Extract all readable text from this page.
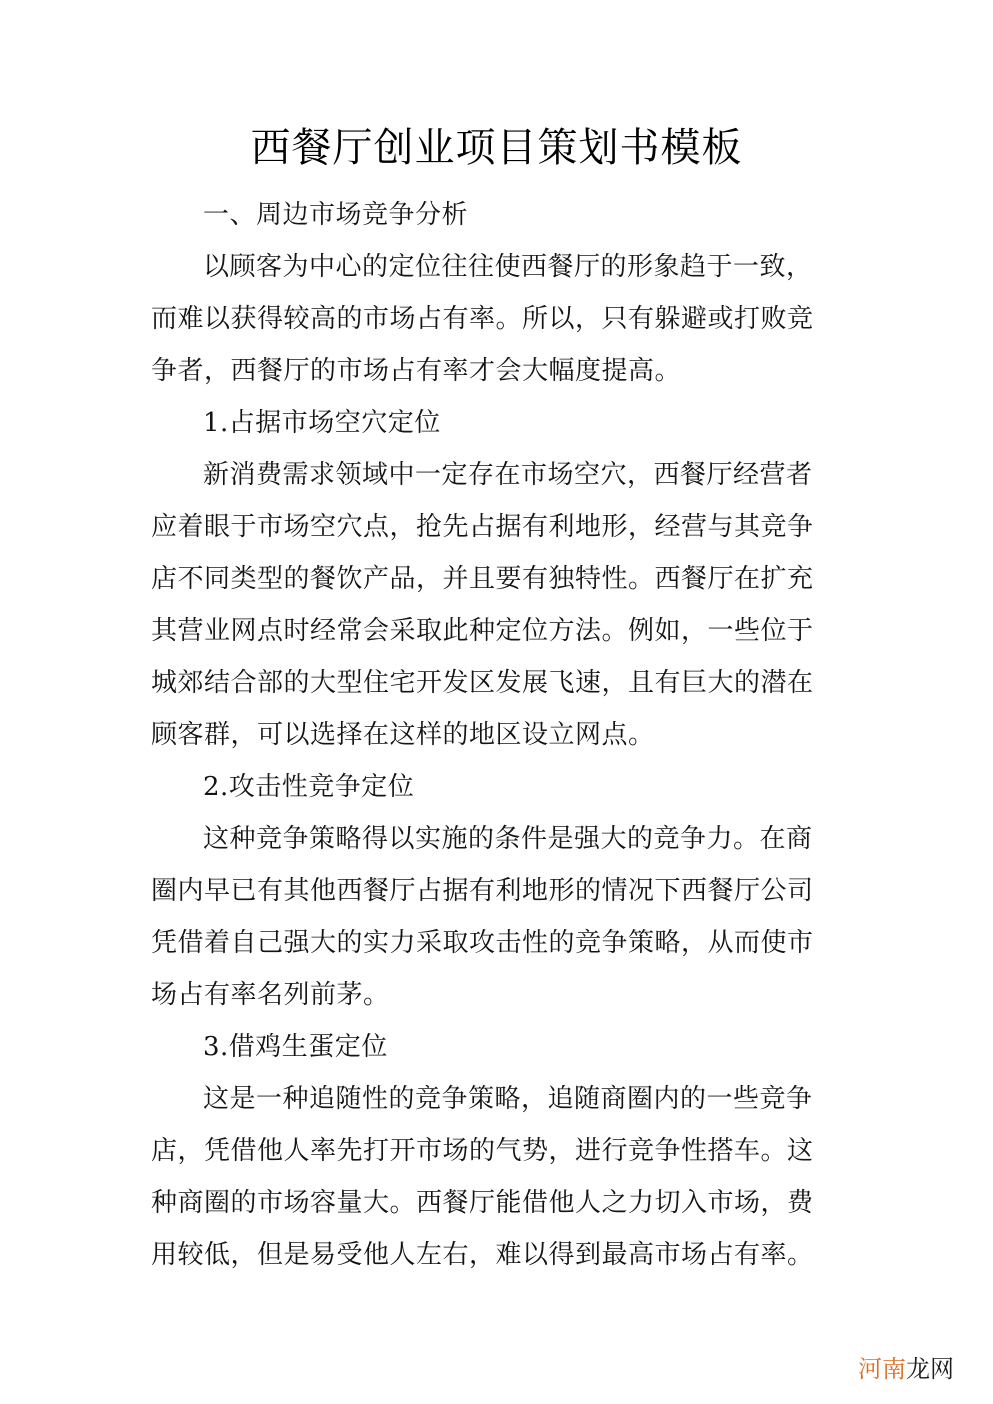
西餐厅创业项目策划书模板
一、周边市场竞争分析
以顾客为中心的定位往往使西餐厅的形象趋于一致，
而难以获得较高的市场占有率。所以，只有躲避或打败竞
争者，西餐厅的市场占有率才会大幅度提高。
1.占据市场空穴定位
新消费需求领域中一定存在市场空穴，西餐厅经营者
应着眼于市场空穴点，抢先占据有利地形，经营与其竞争
店不同类型的餐饮产品，并且要有独特性。西餐厅在扩充
其营业网点时经常会采取此种定位方法。例如，一些位于
城郊结合部的大型住宅开发区发展飞速，且有巨大的潜在
顾客群，可以选择在这样的地区设立网点。
2.攻击性竞争定位
这种竞争策略得以实施的条件是强大的竞争力。在商
圈内早已有其他西餐厅占据有利地形的情况下西餐厅公司
凭借着自己强大的实力采取攻击性的竞争策略，从而使市
场占有率名列前茅。
3.借鸡生蛋定位
这是一种追随性的竞争策略，追随商圈内的一些竞争
店，凭借他人率先打开市场的气势，进行竞争性搭车。这
种商圈的市场容量大。西餐厅能借他人之力切入市场，费
用较低，但是易受他人左右，难以得到最高市场占有率。
河南龙网
